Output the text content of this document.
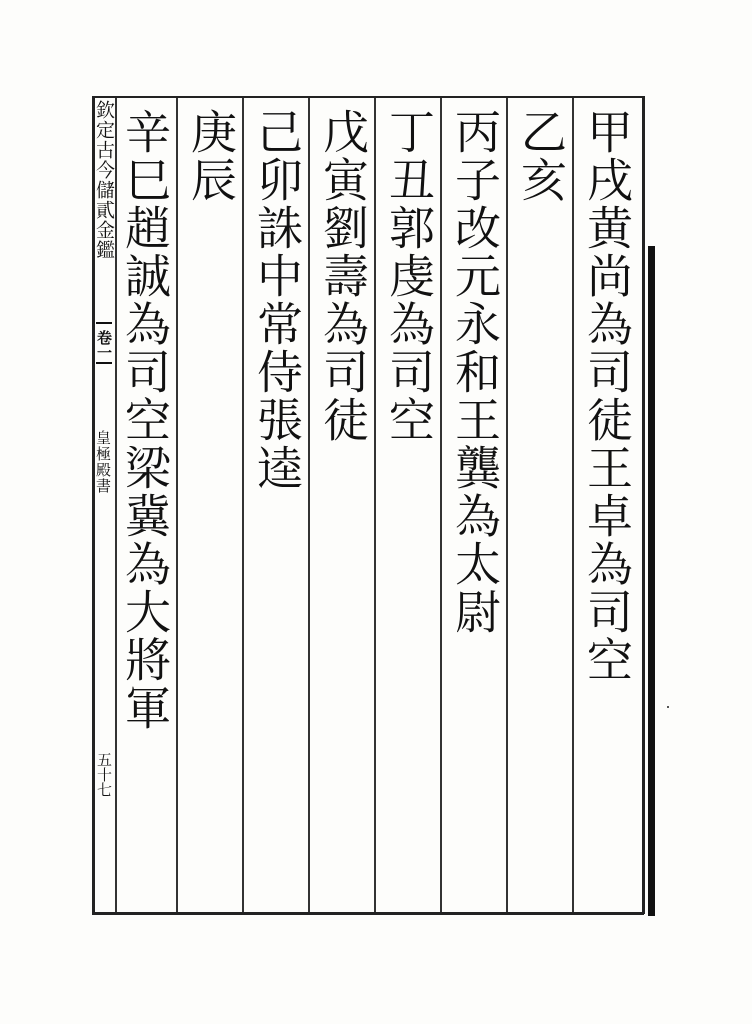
欽定古今儲貳金鑑
卷一
皇極殿書
五十七
甲戌黄尚為司徒王卓為司空
乙亥
丙子改元永和王龔為太尉
丁丑郭虔為司空
戊寅劉壽為司徒
己卯誅中常侍張逵
庚辰
辛巳趙誠為司空梁冀為大將軍
